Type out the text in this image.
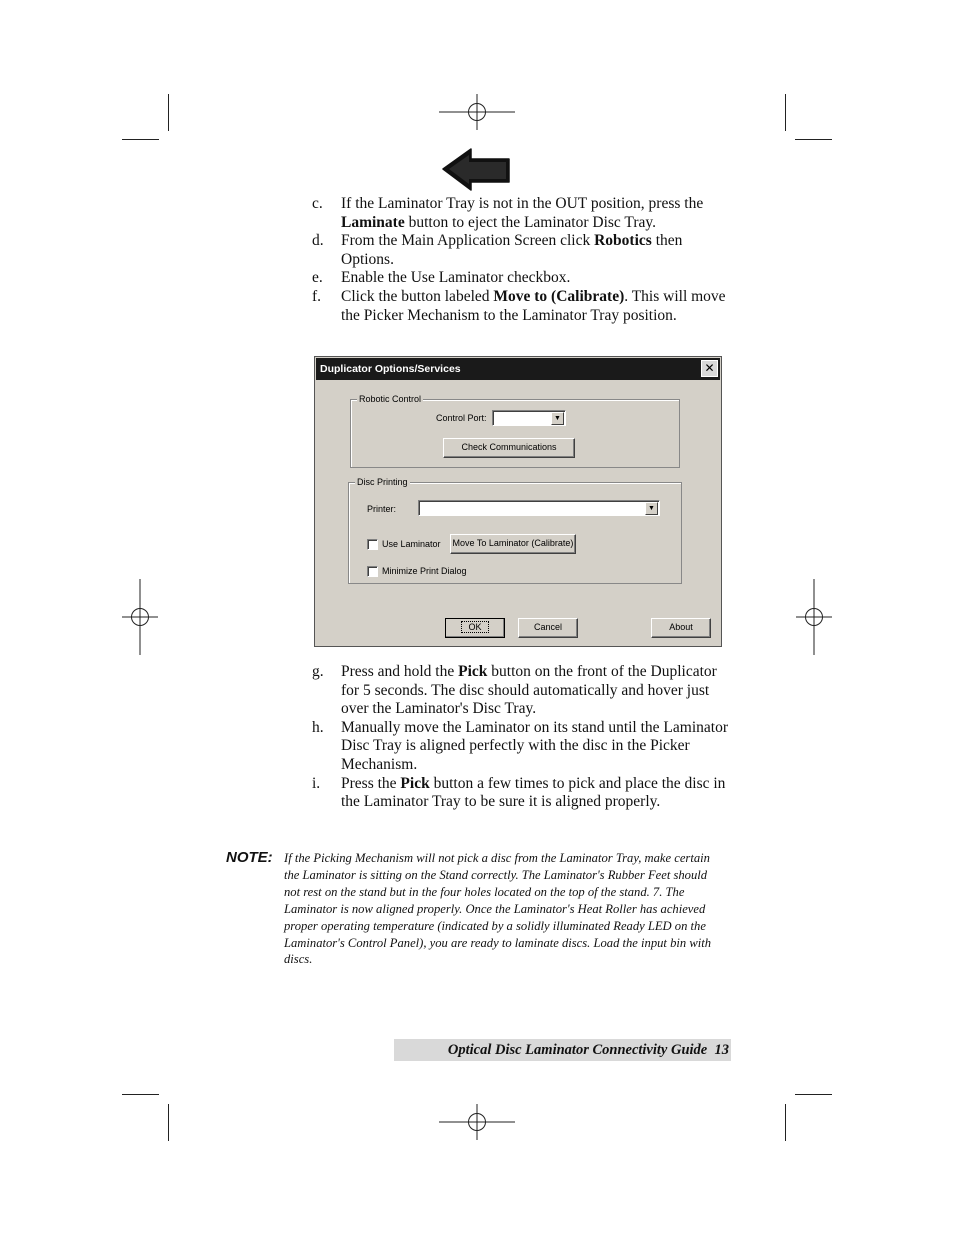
c. If the Laminator Tray is not in the OUT position, press the Laminate button to eject the Laminator Disc Tray.
d. From the Main Application Screen click Robotics then Options.
e. Enable the Use Laminator checkbox.
f. Click the button labeled Move to (Calibrate). This will move the Picker Mechanism to the Laminator Tray position.
Duplicator Options/Services	✕
Robotic Control
Control Port:	▼
Check Communications
Disc Printing
Printer:	▼
Use Laminator Move To Laminator (Calibrate)
Minimize Print Dialog
OK	Cancel	About
g. Press and hold the Pick button on the front of the Duplicator for 5 seconds. The disc should automatically and hover just over the Laminator's Disc Tray.
h. Manually move the Laminator on its stand until the Laminator Disc Tray is aligned perfectly with the disc in the Picker Mechanism.
i. Press the Pick button a few times to pick and place the disc in the Laminator Tray to be sure it is aligned properly.
NOTE: If the Picking Mechanism will not pick a disc from the Laminator Tray, make certain the Laminator is sitting on the Stand correctly. The Laminator's Rubber Feet should not rest on the stand but in the four holes located on the top of the stand. 7. The Laminator is now aligned properly. Once the Laminator's Heat Roller has achieved proper operating temperature (indicated by a solidly illuminated Ready LED on the Laminator's Control Panel), you are ready to laminate discs. Load the input bin with discs.
Optical Disc Laminator Connectivity Guide 13
